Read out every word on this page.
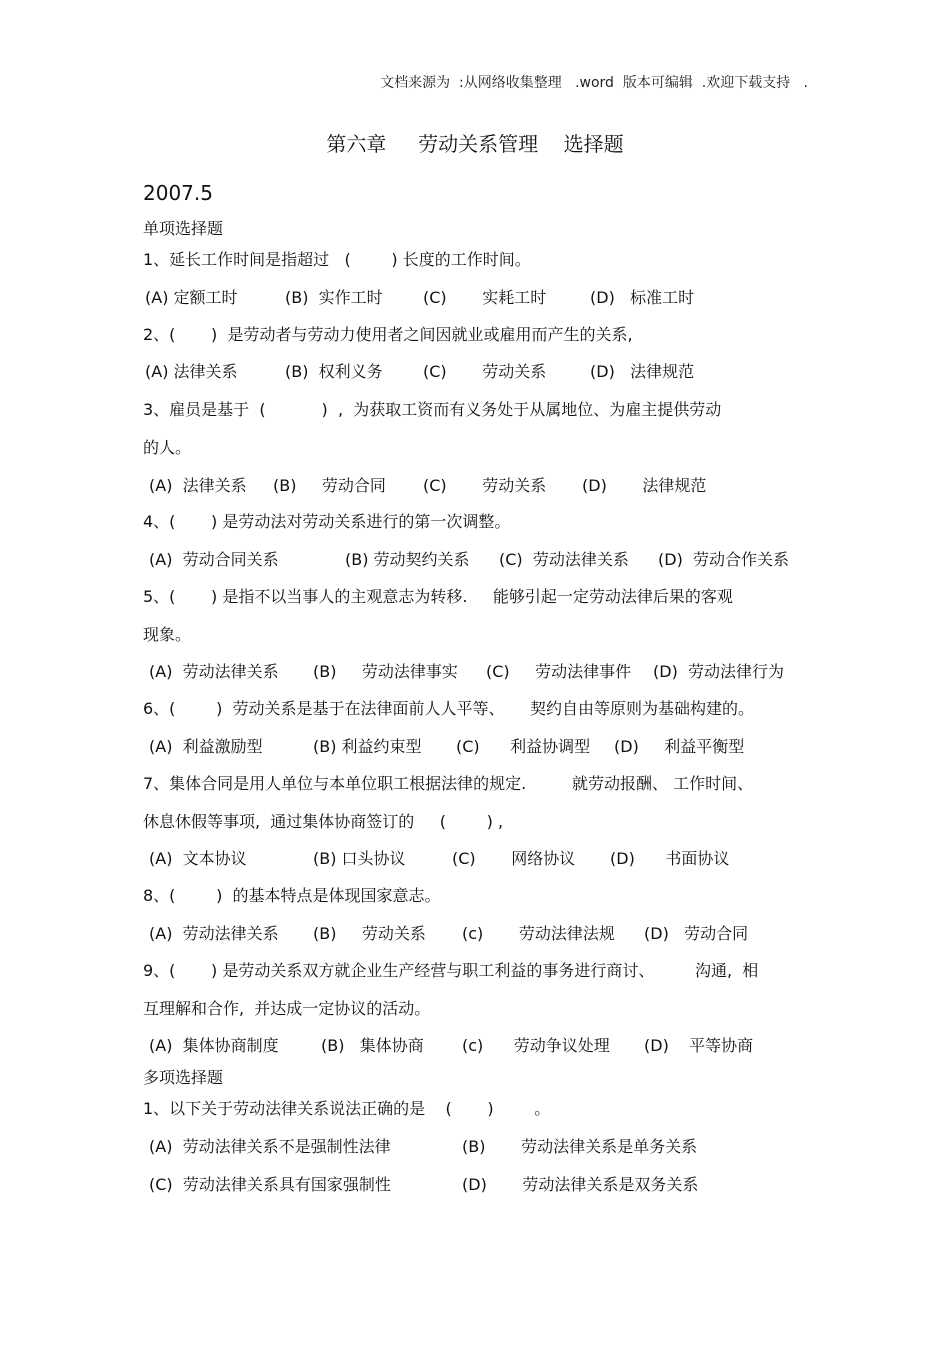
文档来源为  :从网络收集整理   .word  版本可编辑  .欢迎下载支持   .
第六章     劳动关系管理    选择题
2007.5
单项选择题
1、延长工作时间是指超过   (        ) 长度的工作时间。
(A) 定额工时	(B)  实作工时	(C)       实耗工时	(D)   标准工时
2、(       )  是劳动者与劳动力使用者之间因就业或雇用而产生的关系,
(A) 法律关系	(B)  权利义务	(C)       劳动关系	(D)   法律规范
3、雇员是基于  (           )  ,  为获取工资而有义务处于从属地位、为雇主提供劳动
的人。
(A)  法律关系 (B)     劳动合同 (C)       劳动关系 (D)       法律规范
4、(       ) 是劳动法对劳动关系进行的第一次调整。
(A)  劳动合同关系	(B) 劳动契约关系 (C)  劳动法律关系 (D)  劳动合作关系
5、(       ) 是指不以当事人的主观意志为转移.     能够引起一定劳动法律后果的客观
现象。
(A)  劳动法律关系 (B)     劳动法律事实 (C)     劳动法律事件 (D)  劳动法律行为
6、(        )  劳动关系是基于在法律面前人人平等、     契约自由等原则为基础构建的。
(A)  利益激励型	(B) 利益约束型 (C)      利益协调型 (D)     利益平衡型
7、集体合同是用人单位与本单位职工根据法律的规定.         就劳动报酬、 工作时间、
休息休假等事项,  通过集体协商签订的     (        ) ,
(A)  文本协议	(B) 口头协议	(C)       网络协议 (D)      书面协议
8、(        )  的基本特点是体现国家意志。
(A)  劳动法律关系 (B)     劳动关系 (c)       劳动法律法规 (D)   劳动合同
9、(       ) 是劳动关系双方就企业生产经营与职工利益的事务进行商讨、        沟通,  相
互理解和合作,  并达成一定协议的活动。
(A)  集体协商制度	(B)   集体协商 (c)      劳动争议处理 (D)    平等协商
多项选择题
1、以下关于劳动法律关系说法正确的是    (       )        。
(A)  劳动法律关系不是强制性法律	(B)       劳动法律关系是单务关系
(C)  劳动法律关系具有国家强制性	(D)       劳动法律关系是双务关系
